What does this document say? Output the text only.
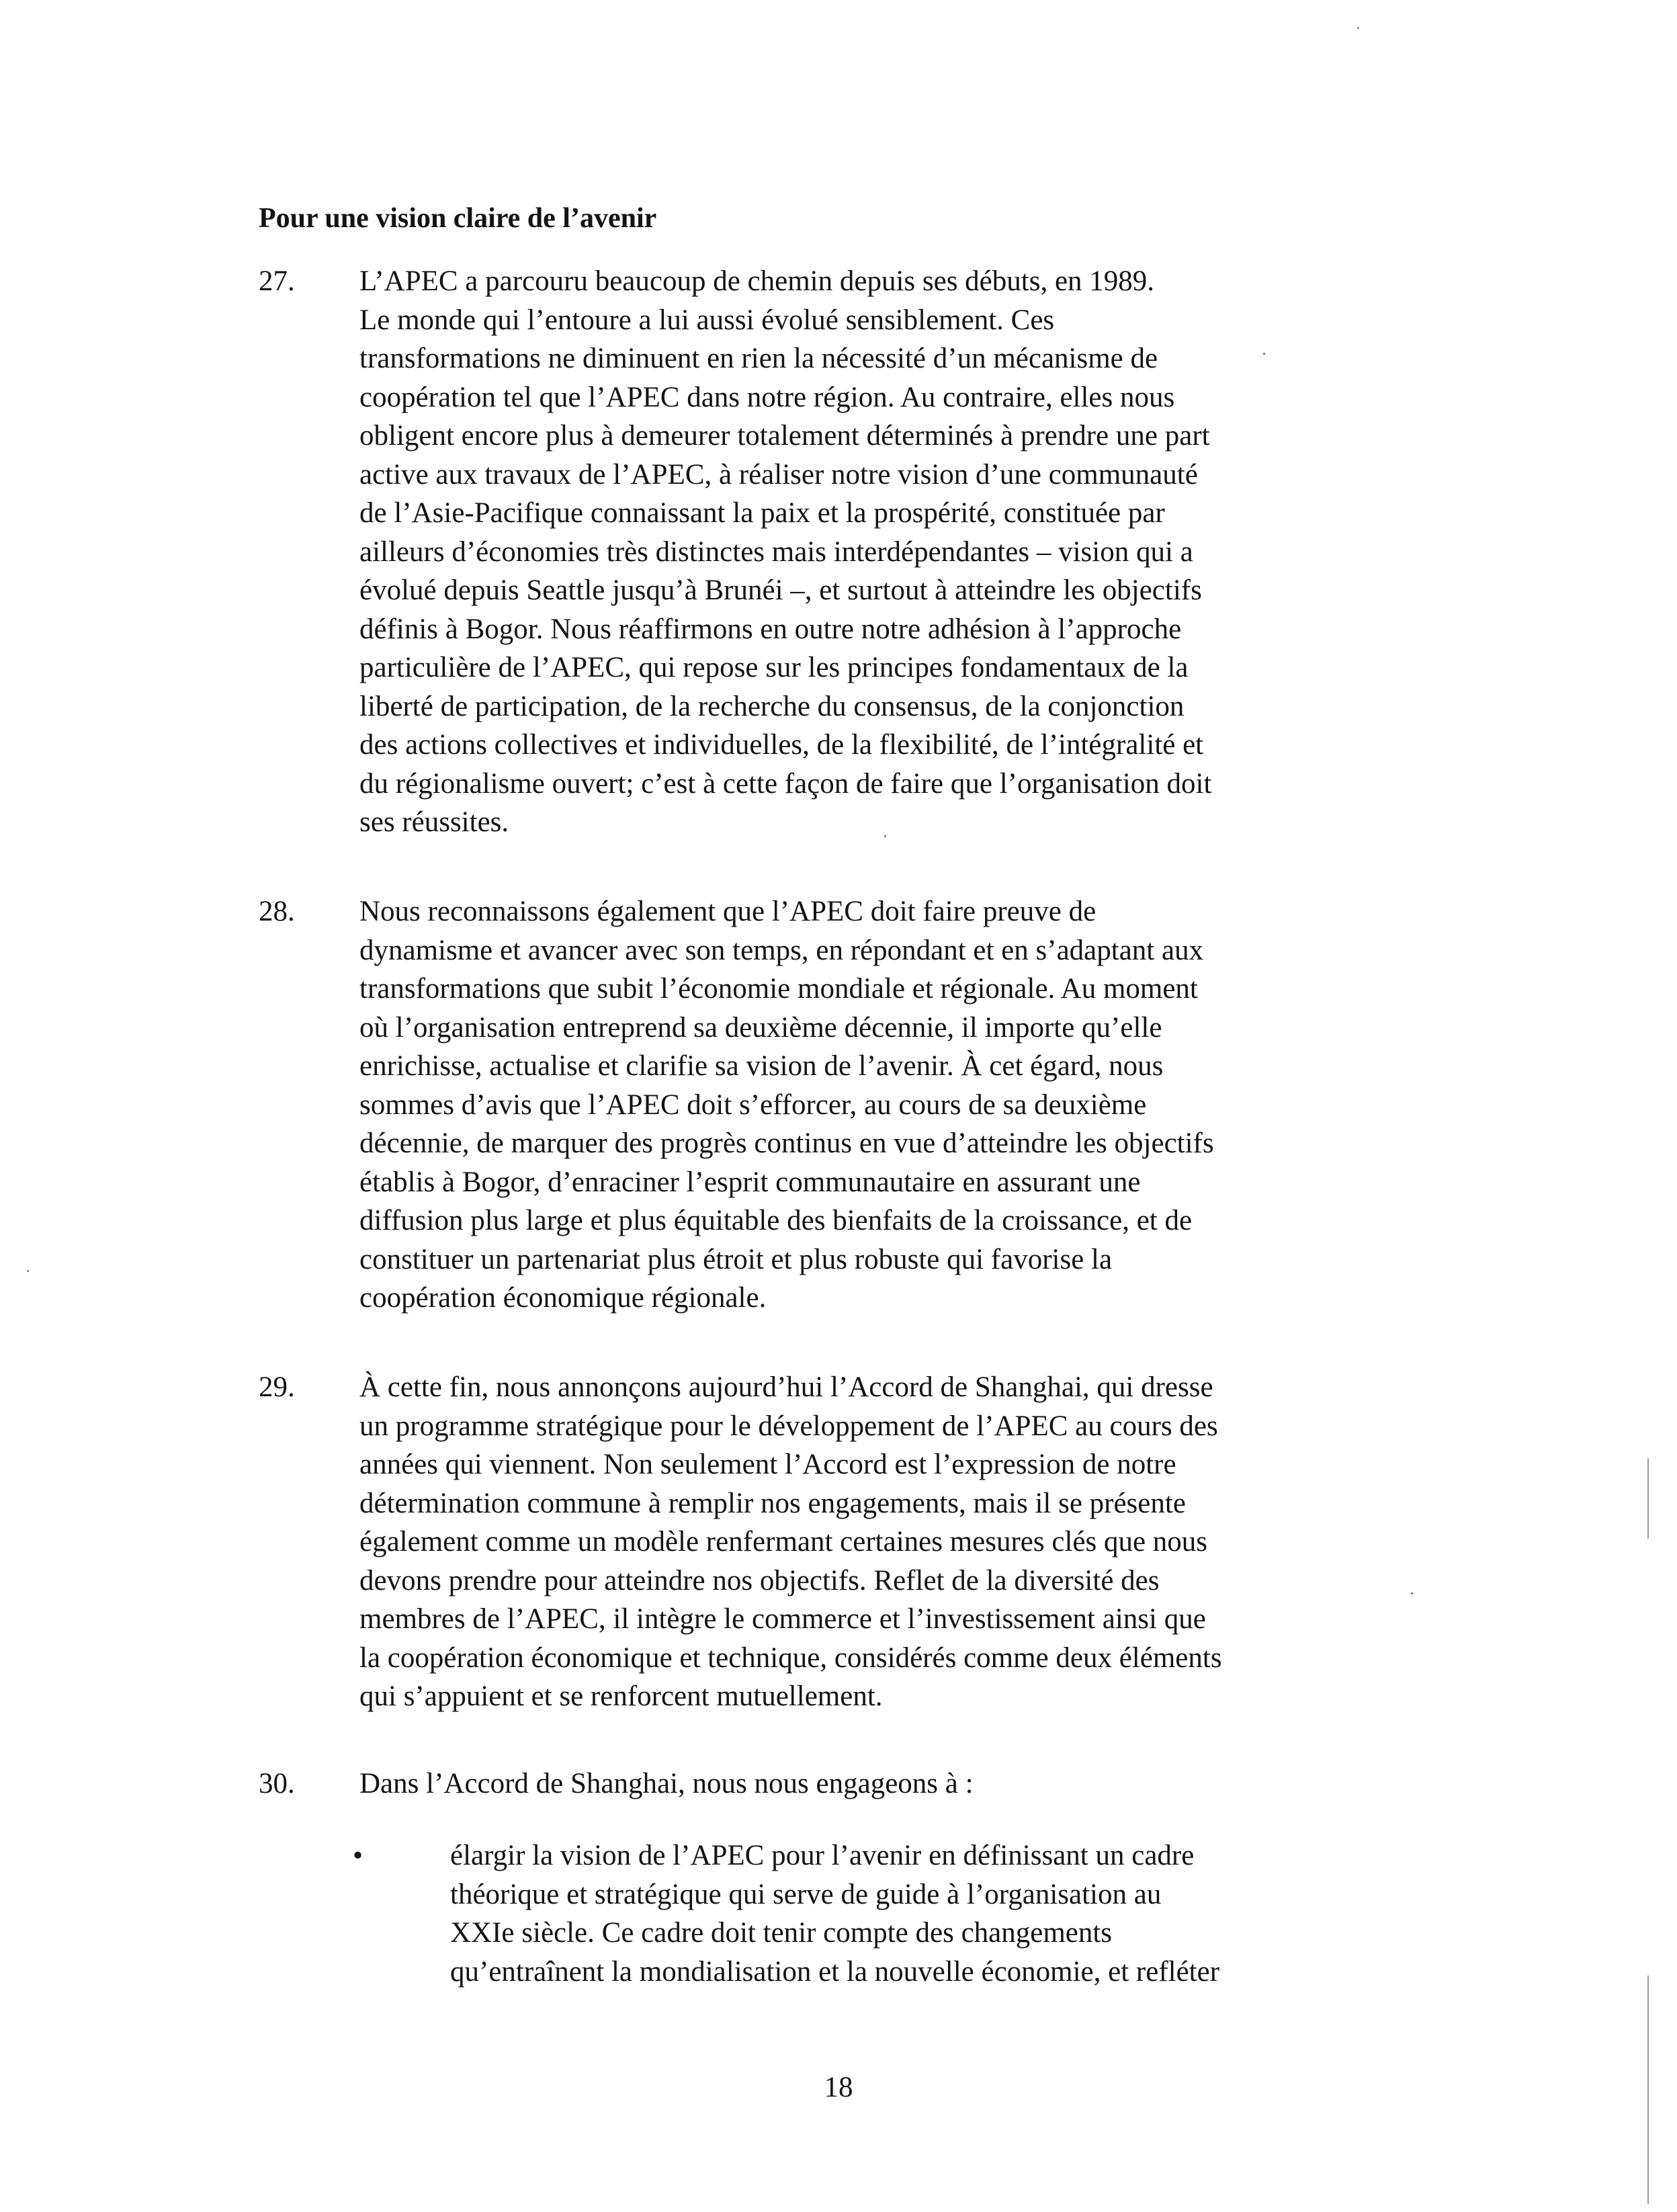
Pour une vision claire de l’avenir
27. L’APEC a parcouru beaucoup de chemin depuis ses débuts, en 1989.
Le monde qui l’entoure a lui aussi évolué sensiblement. Ces
transformations ne diminuent en rien la nécessité d’un mécanisme de
coopération tel que l’APEC dans notre région. Au contraire, elles nous
obligent encore plus à demeurer totalement déterminés à prendre une part
active aux travaux de l’APEC, à réaliser notre vision d’une communauté
de l’Asie-Pacifique connaissant la paix et la prospérité, constituée par
ailleurs d’économies très distinctes mais interdépendantes – vision qui a
évolué depuis Seattle jusqu’à Brunéi –, et surtout à atteindre les objectifs
définis à Bogor. Nous réaffirmons en outre notre adhésion à l’approche
particulière de l’APEC, qui repose sur les principes fondamentaux de la
liberté de participation, de la recherche du consensus, de la conjonction
des actions collectives et individuelles, de la flexibilité, de l’intégralité et
du régionalisme ouvert; c’est à cette façon de faire que l’organisation doit
ses réussites.
28. Nous reconnaissons également que l’APEC doit faire preuve de
dynamisme et avancer avec son temps, en répondant et en s’adaptant aux
transformations que subit l’économie mondiale et régionale. Au moment
où l’organisation entreprend sa deuxième décennie, il importe qu’elle
enrichisse, actualise et clarifie sa vision de l’avenir. À cet égard, nous
sommes d’avis que l’APEC doit s’efforcer, au cours de sa deuxième
décennie, de marquer des progrès continus en vue d’atteindre les objectifs
établis à Bogor, d’enraciner l’esprit communautaire en assurant une
diffusion plus large et plus équitable des bienfaits de la croissance, et de
constituer un partenariat plus étroit et plus robuste qui favorise la
coopération économique régionale.
29. À cette fin, nous annonçons aujourd’hui l’Accord de Shanghai, qui dresse
un programme stratégique pour le développement de l’APEC au cours des
années qui viennent. Non seulement l’Accord est l’expression de notre
détermination commune à remplir nos engagements, mais il se présente
également comme un modèle renfermant certaines mesures clés que nous
devons prendre pour atteindre nos objectifs. Reflet de la diversité des
membres de l’APEC, il intègre le commerce et l’investissement ainsi que
la coopération économique et technique, considérés comme deux éléments
qui s’appuient et se renforcent mutuellement.
30. Dans l’Accord de Shanghai, nous nous engageons à :
•	élargir la vision de l’APEC pour l’avenir en définissant un cadre
théorique et stratégique qui serve de guide à l’organisation au
XXIe siècle. Ce cadre doit tenir compte des changements
qu’entraînent la mondialisation et la nouvelle économie, et refléter
18
